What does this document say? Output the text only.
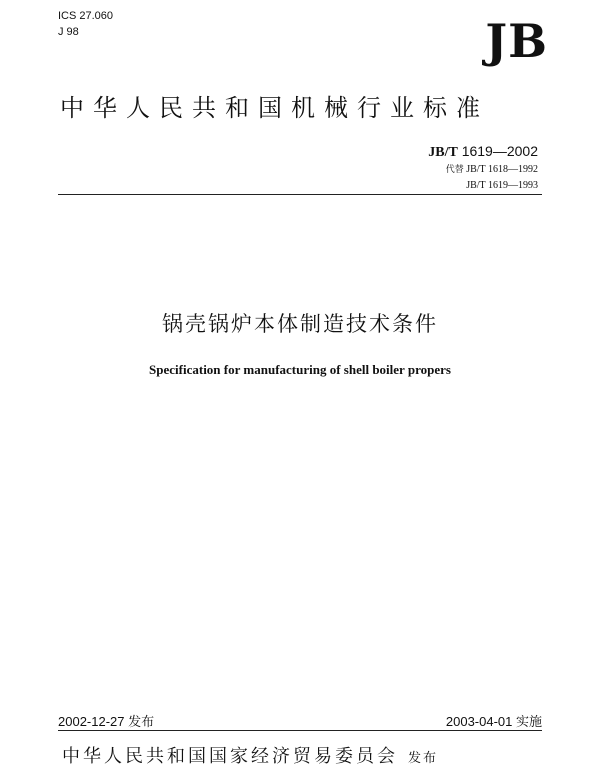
ICS 27.060
J 98	JB
中华人民共和国机械行业标准
JB/T 1619—2002
代替 JB/T 1618—1992
JB/T 1619—1993
锅壳锅炉本体制造技术条件
Specification for manufacturing of shell boiler propers
2002-12-27 发布	2003-04-01 实施
中华人民共和国国家经济贸易委员会 发布
